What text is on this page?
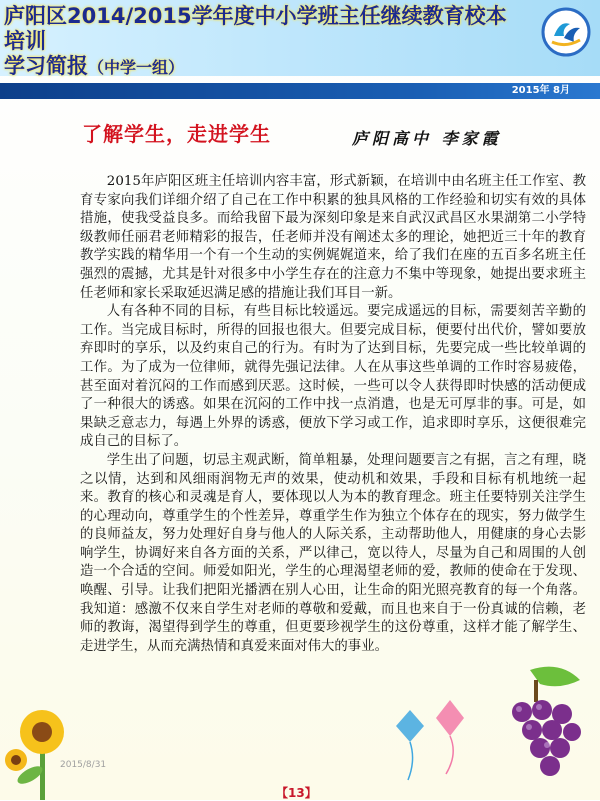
庐阳区2014/2015学年度中小学班主任继续教育校本培训
学习简报（中学一组）
2015年 8月
了解学生，走进学生	庐阳高中 李家霞

2015年庐阳区班主任培训内容丰富，形式新颖，在培训中由名班主任工作室、教育专家向我们详细介绍了自己在工作中积累的独具风格的工作经验和切实有效的具体措施，使我受益良多。而给我留下最为深刻印象是来自武汉武昌区水果湖第二小学特级教师任丽君老师精彩的报告，任老师并没有阐述太多的理论，她把近三十年的教育教学实践的精华用一个有一个生动的实例娓娓道来，给了我们在座的五百多名班主任强烈的震撼，尤其是针对很多中小学生存在的注意力不集中等现象，她提出要求班主任老师和家长采取延迟满足感的措施让我们耳目一新。

人有各种不同的目标，有些目标比较遥远。要完成遥远的目标，需要刻苦辛勤的工作。当完成目标时，所得的回报也很大。但要完成目标，便要付出代价，譬如要放弃即时的享乐，以及约束自己的行为。有时为了达到目标，先要完成一些比较单调的工作。为了成为一位律师，就得先强记法律。人在从事这些单调的工作时容易疲倦，甚至面对着沉闷的工作而感到厌恶。这时候，一些可以令人获得即时快感的活动便成了一种很大的诱惑。如果在沉闷的工作中找一点消遣，也是无可厚非的事。可是，如果缺乏意志力，每遇上外界的诱惑，便放下学习或工作，追求即时享乐，这便很难完成自己的目标了。

学生出了问题，切忌主观武断，简单粗暴，处理问题要言之有据，言之有理，晓之以情，达到和风细雨润物无声的效果，使动机和效果，手段和目标有机地统一起来。教育的核心和灵魂是育人，要体现以人为本的教育理念。班主任要特别关注学生的心理动向，尊重学生的个性差异，尊重学生作为独立个体存在的现实，努力做学生的良师益友，努力处理好自身与他人的人际关系，主动帮助他人，用健康的身心去影响学生，协调好来自各方面的关系，严以律己，宽以待人，尽量为自己和周围的人创造一个合适的空间。师爱如阳光，学生的心理渴望老师的爱，教师的使命在于发现、唤醒、引导。让我们把阳光播洒在别人心田，让生命的阳光照亮教育的每一个角落。我知道：感激不仅来自学生对老师的尊敬和爱戴，而且也来自于一份真诚的信赖，老师的教诲，渴望得到学生的尊重，但更要珍视学生的这份尊重，这样才能了解学生、走进学生，从而充满热情和真爱来面对伟大的事业。

2015/8/31
【13】
